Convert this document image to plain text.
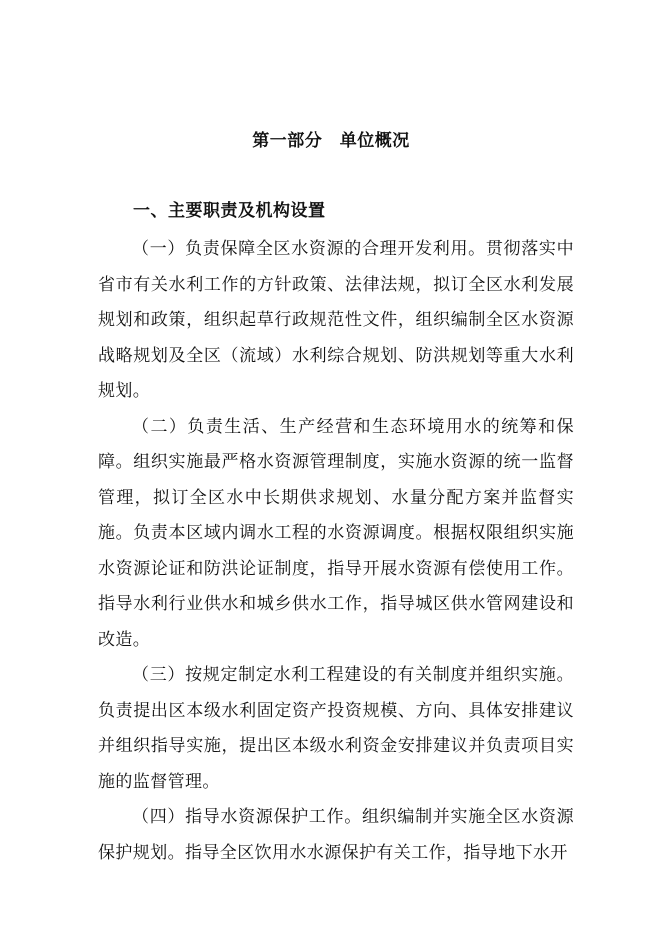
第一部分　单位概况
一、主要职责及机构设置

（一）负责保障全区水资源的合理开发利用。贯彻落实中省市有关水利工作的方针政策、法律法规，拟订全区水利发展规划和政策，组织起草行政规范性文件，组织编制全区水资源战略规划及全区（流域）水利综合规划、防洪规划等重大水利规划。

（二）负责生活、生产经营和生态环境用水的统筹和保障。组织实施最严格水资源管理制度，实施水资源的统一监督管理，拟订全区水中长期供求规划、水量分配方案并监督实施。负责本区域内调水工程的水资源调度。根据权限组织实施水资源论证和防洪论证制度，指导开展水资源有偿使用工作。指导水利行业供水和城乡供水工作，指导城区供水管网建设和改造。

（三）按规定制定水利工程建设的有关制度并组织实施。负责提出区本级水利固定资产投资规模、方向、具体安排建议并组织指导实施，提出区本级水利资金安排建议并负责项目实施的监督管理。

（四）指导水资源保护工作。组织编制并实施全区水资源保护规划。指导全区饮用水水源保护有关工作，指导地下水开
